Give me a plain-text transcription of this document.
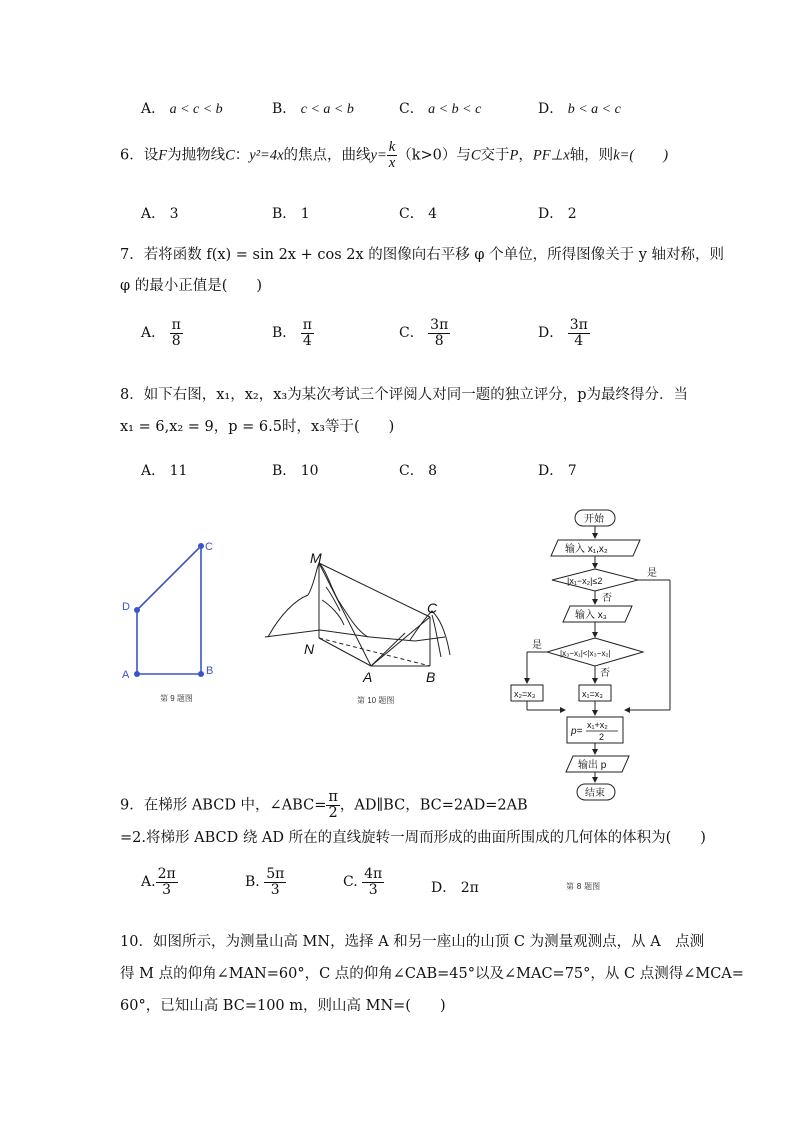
A． a < c < b	B． c < a < b	C． a < b < c	D． b < a < c
6．设F为抛物线C：y²=4x的焦点，曲线$y= \frac{k}{x} (k>0)$与C交于P，PF⊥x轴，则k=(　　)
A． 3	B． 1	C． 4	D． 2
7．若将函数 f(x) = sin 2x + cos 2x 的图像向右平移 φ 个单位，所得图像关于 y 轴对称，则
φ 的最小正值是(　　)
A． $\frac{\pi}{8}$	B． $\frac{\pi}{4}$	C． $\frac{3\pi}{8}$	D． $\frac{3\pi}{4}$
8．如下右图，x₁，x₂，x₃为某次考试三个评阅人对同一题的独立评分，p为最终得分．当
x₁ = 6,x₂ = 9，p = 6.5时，x₃等于(　　)
A． 11	B． 10	C． 8	D． 7
C
D
A	B
第 9 题图
M
C
N
A	B
第 10 题图
开始
输入 x₁,x₂
|x₁−x₂|≤2
是
否
输入 x₃
|x₃−x₁|<|x₃−x₂|
是
否
x₂=x₃	x₁=x₃
p=
x₁+x₂
2
输出 p
结束
第 8 题图
9．在梯形 ABCD 中，∠ABC= $\frac{\pi}{2}$ ，AD∥BC，BC=2AD=2AB
=2.将梯形 ABCD 绕 AD 所在的直线旋转一周而形成的曲面所围成的几何体的体积为(　　)
A. $\frac{2\pi}{3}$	B. $\frac{5\pi}{3}$	C. $\frac{4\pi}{3}$	D． 2π
10．如图所示，为测量山高 MN，选择 A 和另一座山的山顶 C 为测量观测点，从 A　点测
得 M 点的仰角∠MAN=60°，C 点的仰角∠CAB=45°以及∠MAC=75°，从 C 点测得∠MCA=
60°，已知山高 BC=100 m，则山高 MN=(　　)
